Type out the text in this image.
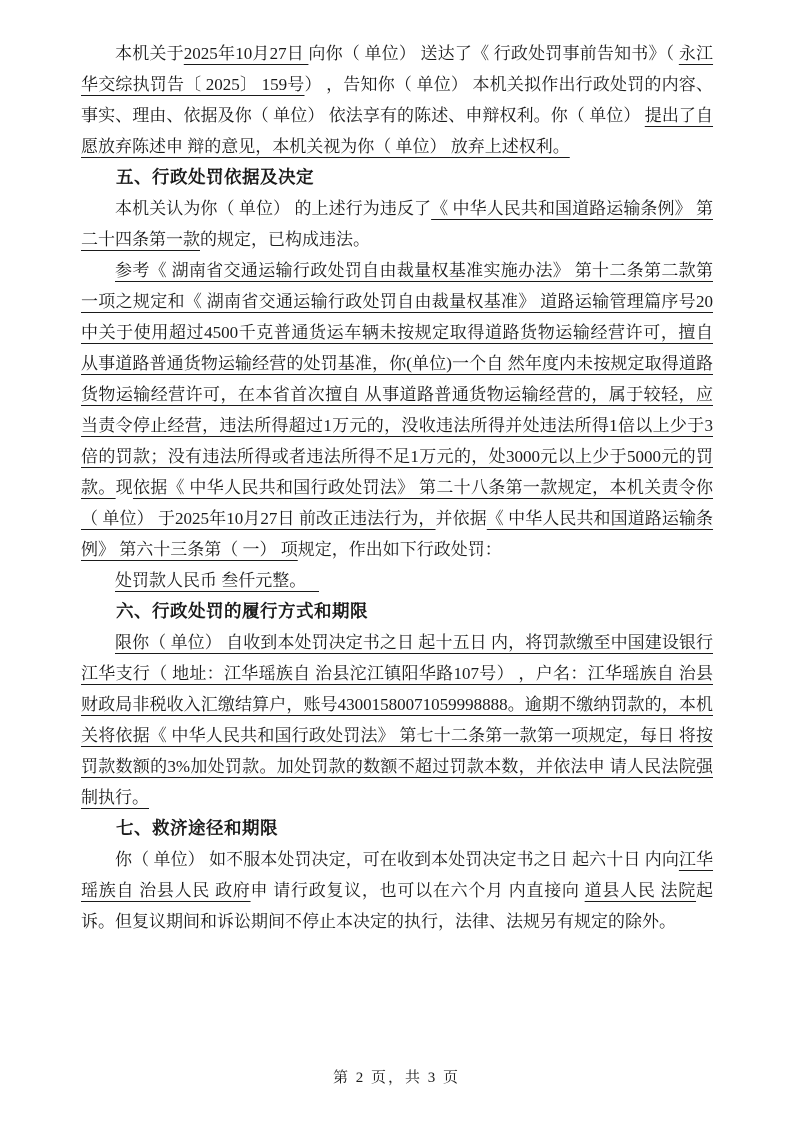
本机关于2025年10月27日 向你（ 单位） 送达了《 行政处罚事前告知书》（ 永江华交综执罚告〔 2025〕 159号） ，告知你（ 单位） 本机关拟作出行政处罚的内容、事实、理由、依据及你（ 单位） 依法享有的陈述、申辩权利。你（ 单位） 提出了自 愿放弃陈述申 辩的意见，本机关视为你（ 单位） 放弃上述权利。

五、行政处罚依据及决定

本机关认为你（ 单位） 的上述行为违反了《 中华人民共和国道路运输条例》 第二十四条第一款的规定，已构成违法。

参考《 湖南省交通运输行政处罚自由裁量权基准实施办法》 第十二条第二款第一项之规定和《 湖南省交通运输行政处罚自由裁量权基准》 道路运输管理篇序号20中关于使用超过4500千克普通货运车辆未按规定取得道路货物运输经营许可，擅自 从事道路普通货物运输经营的处罚基准，你(单位)一个自 然年度内未按规定取得道路货物运输经营许可，在本省首次擅自 从事道路普通货物运输经营的，属于较轻，应当责令停止经营，违法所得超过1万元的，没收违法所得并处违法所得1倍以上少于3倍的罚款；没有违法所得或者违法所得不足1万元的，处3000元以上少于5000元的罚款。现依据《 中华人民共和国行政处罚法》 第二十八条第一款规定，本机关责令你（ 单位） 于2025年10月27日 前改正违法行为，并依据《 中华人民共和国道路运输条例》 第六十三条第（ 一） 项规定，作出如下行政处罚：

处罚款人民币 叁仟元整。

六、行政处罚的履行方式和期限

限你（ 单位） 自收到本处罚决定书之日 起十五日 内，将罚款缴至中国建设银行江华支行（ 地址：江华瑶族自 治县沱江镇阳华路107号） ，户名：江华瑶族自 治县财政局非税收入汇缴结算户，账号43001580071059998888。逾期不缴纳罚款的，本机关将依据《 中华人民共和国行政处罚法》 第七十二条第一款第一项规定，每日 将按罚款数额的3%加处罚款。加处罚款的数额不超过罚款本数，并依法申 请人民法院强制执行。

七、救济途径和期限

你（ 单位） 如不服本处罚决定，可在收到本处罚决定书之日 起六十日 内向江华瑶族自 治县人民 政府申 请行政复议，也可以在六个月 内直接向 道县人民 法院起诉。但复议期间和诉讼期间不停止本决定的执行，法律、法规另有规定的除外。

第 2 页，共 3 页
